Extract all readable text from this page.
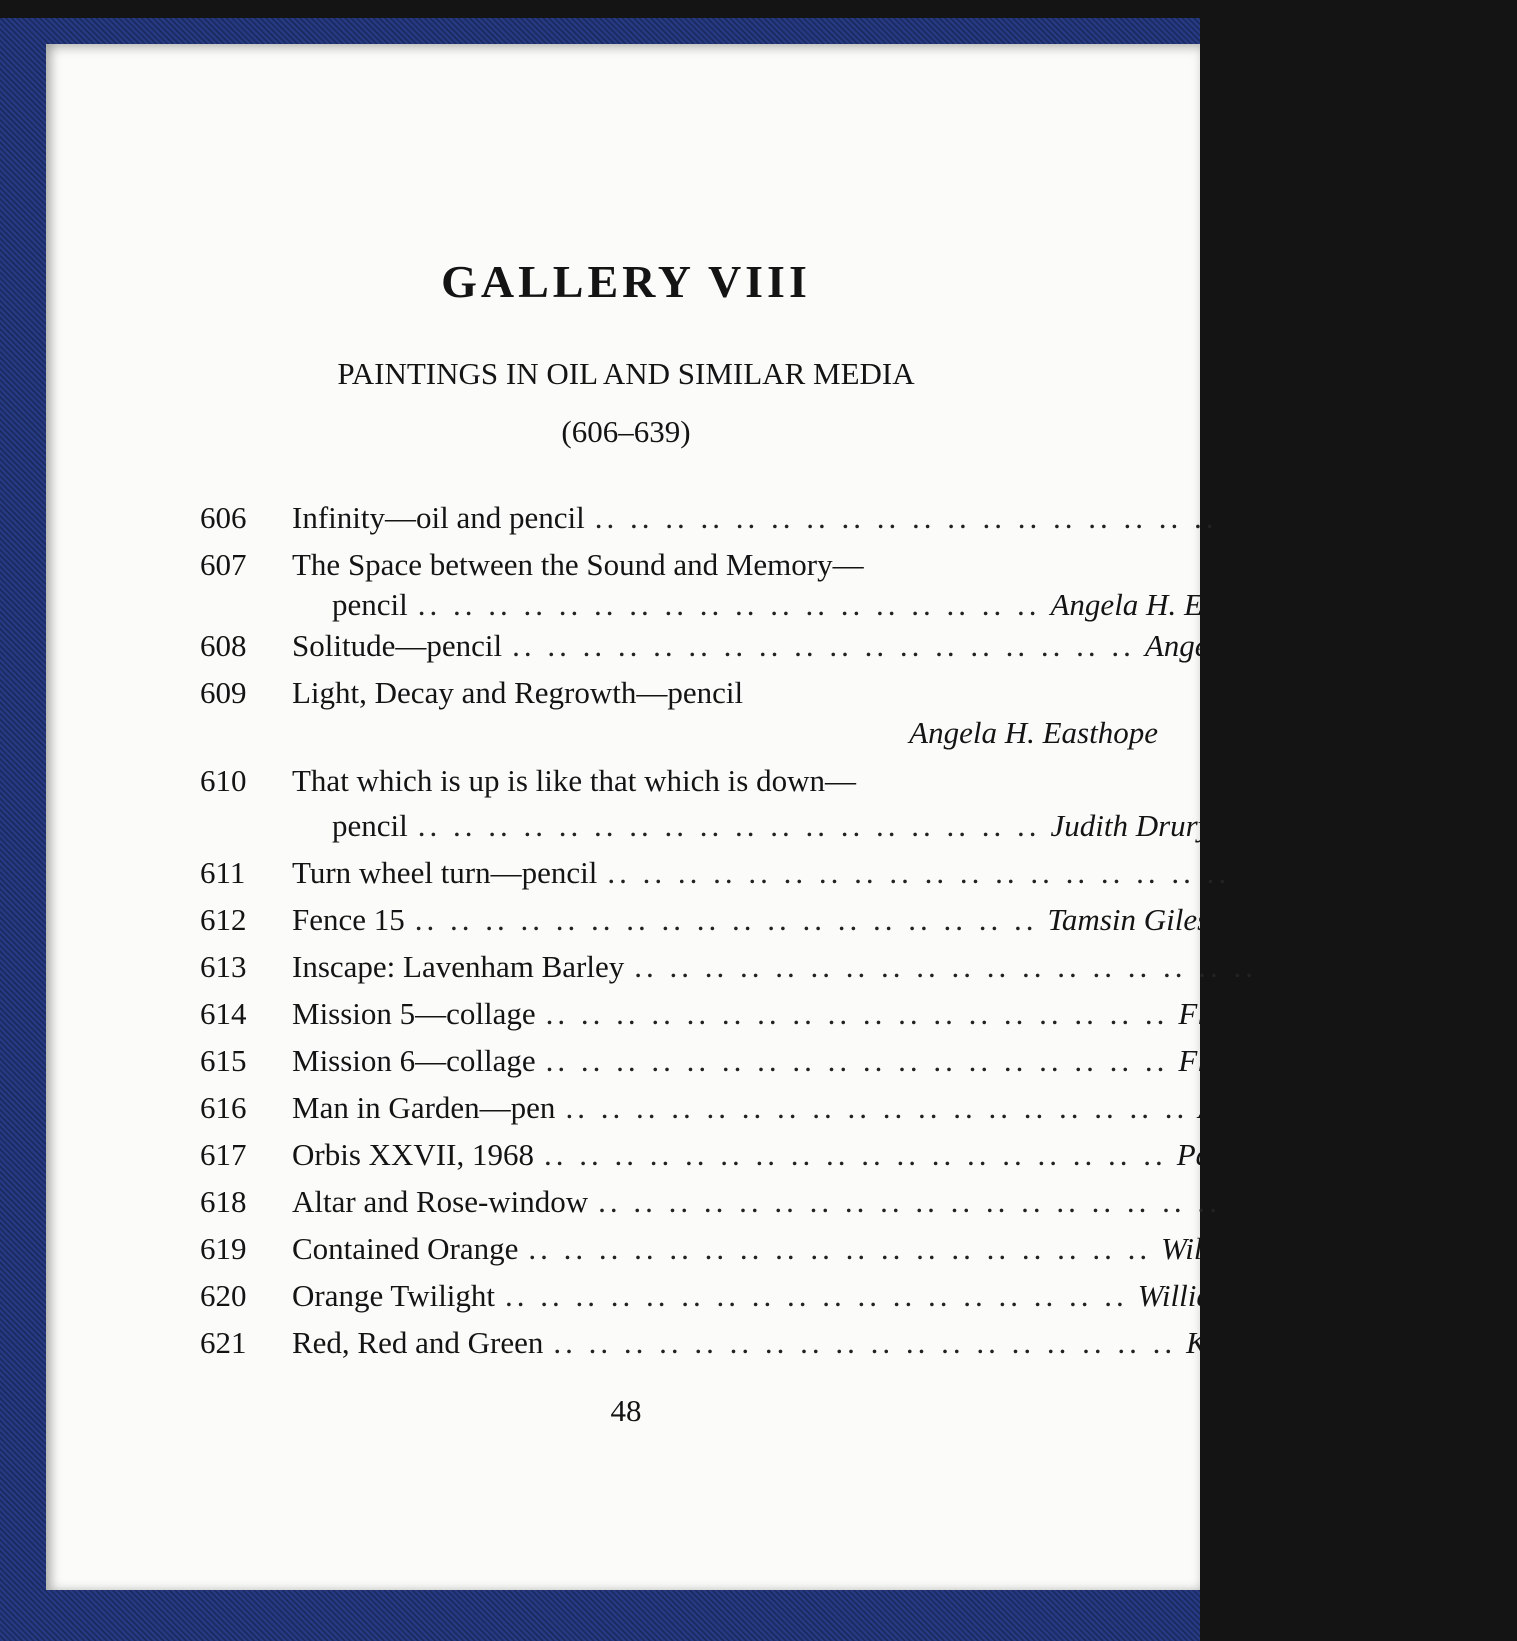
GALLERY VIII
PAINTINGS IN OIL AND SIMILAR MEDIA
(606–639)
606	Infinity—oil and pencil .. .. .. .. .. .. .. .. .. .. .. .. .. .. .. .. .. .. Ann E. Finlayson
607	The Space between the Sound and Memory—
pencil .. .. .. .. .. .. .. .. .. .. .. .. .. .. .. .. .. .. Angela H. Easthope
608	Solitude—pencil .. .. .. .. .. .. .. .. .. .. .. .. .. .. .. .. .. .. Angela H. Easthope
609	Light, Decay and Regrowth—pencil
Angela H. Easthope
610	That which is up is like that which is down—
pencil .. .. .. .. .. .. .. .. .. .. .. .. .. .. .. .. .. .. Judith Drury
611	Turn wheel turn—pencil .. .. .. .. .. .. .. .. .. .. .. .. .. .. .. .. .. .. Judith Drury
612	Fence 15 .. .. .. .. .. .. .. .. .. .. .. .. .. .. .. .. .. .. Tamsin Giles
613	Inscape: Lavenham Barley .. .. .. .. .. .. .. .. .. .. .. .. .. .. .. .. .. .. Roy Turner Durrant
614	Mission 5—collage .. .. .. .. .. .. .. .. .. .. .. .. .. .. .. .. .. .. Flavia Irwin
615	Mission 6—collage .. .. .. .. .. .. .. .. .. .. .. .. .. .. .. .. .. .. Flavia Irwin
616	Man in Garden—pen .. .. .. .. .. .. .. .. .. .. .. .. .. .. .. .. .. .. Ann Brunskill
617	Orbis XXVII, 1968 .. .. .. .. .. .. .. .. .. .. .. .. .. .. .. .. .. .. Paul Feiler
618	Altar and Rose-window .. .. .. .. .. .. .. .. .. .. .. .. .. .. .. .. .. .. Robin Philipson
619	Contained Orange .. .. .. .. .. .. .. .. .. .. .. .. .. .. .. .. .. .. William Gear
620	Orange Twilight .. .. .. .. .. .. .. .. .. .. .. .. .. .. .. .. .. .. William Gear
621	Red, Red and Green .. .. .. .. .. .. .. .. .. .. .. .. .. .. .. .. .. .. Kum-Siew Mak
48
